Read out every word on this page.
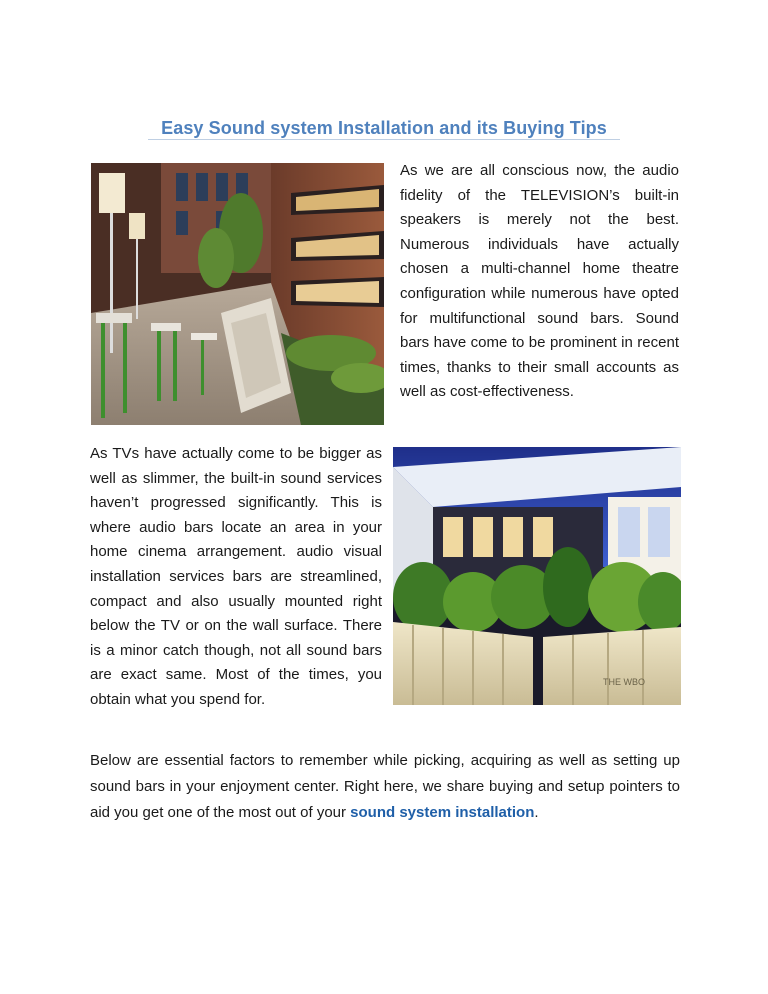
Easy Sound system Installation and its Buying Tips

As we are all conscious now, the audio fidelity of the TELEVISION’s built-in speakers is merely not the best. Numerous individuals have actually chosen a multi-channel home theatre configuration while numerous have opted for multifunctional sound bars. Sound bars have come to be prominent in recent times, thanks to their small accounts as well as cost-effectiveness.

As TVs have actually come to be bigger as well as slimmer, the built-in sound services haven’t progressed significantly. This is where audio bars locate an area in your home cinema arrangement. audio visual installation services bars are streamlined, compact and also usually mounted right below the TV or on the wall surface. There is a minor catch though, not all sound bars are exact same. Most of the times, you obtain what you spend for.

THE WBO

Below are essential factors to remember while picking, acquiring as well as setting up sound bars in your enjoyment center. Right here, we share buying and setup pointers to aid you get one of the most out of your sound system installation.
